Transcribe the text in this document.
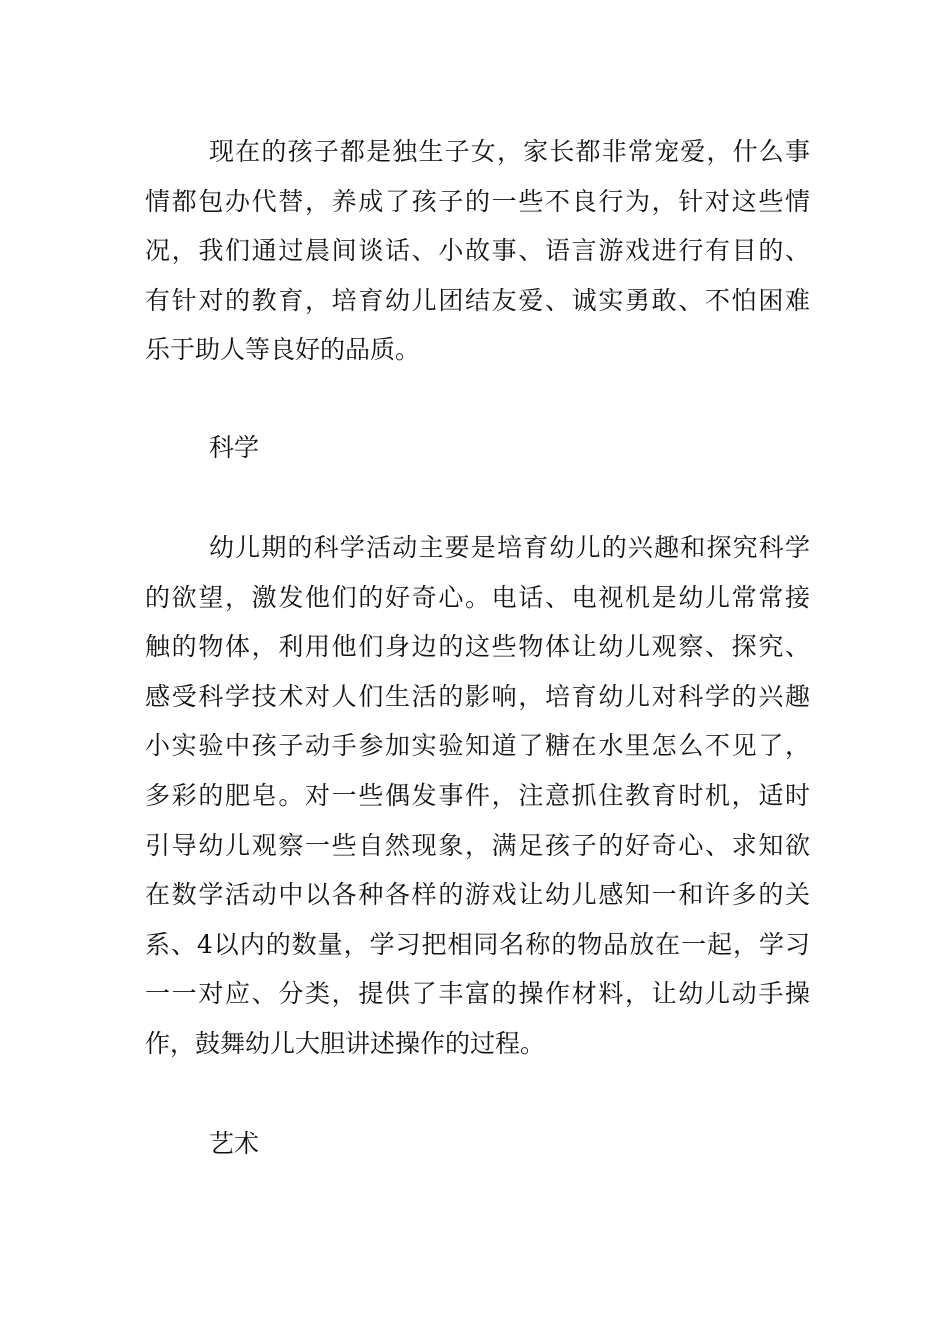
现在的孩子都是独生子女，家长都非常宠爱，什么事
情都包办代替，养成了孩子的一些不良行为，针对这些情
况，我们通过晨间谈话、小故事、语言游戏进行有目的、
有针对的教育，培育幼儿团结友爱、诚实勇敢、不怕困难
乐于助人等良好的品质。
科学
幼儿期的科学活动主要是培育幼儿的兴趣和探究科学
的欲望，激发他们的好奇心。电话、电视机是幼儿常常接
触的物体，利用他们身边的这些物体让幼儿观察、探究、
感受科学技术对人们生活的影响，培育幼儿对科学的兴趣
小实验中孩子动手参加实验知道了糖在水里怎么不见了，
多彩的肥皂。对一些偶发事件，注意抓住教育时机，适时
引导幼儿观察一些自然现象，满足孩子的好奇心、求知欲
在数学活动中以各种各样的游戏让幼儿感知一和许多的关
系、4以内的数量，学习把相同名称的物品放在一起，学习
一一对应、分类，提供了丰富的操作材料，让幼儿动手操
作，鼓舞幼儿大胆讲述操作的过程。
艺术
